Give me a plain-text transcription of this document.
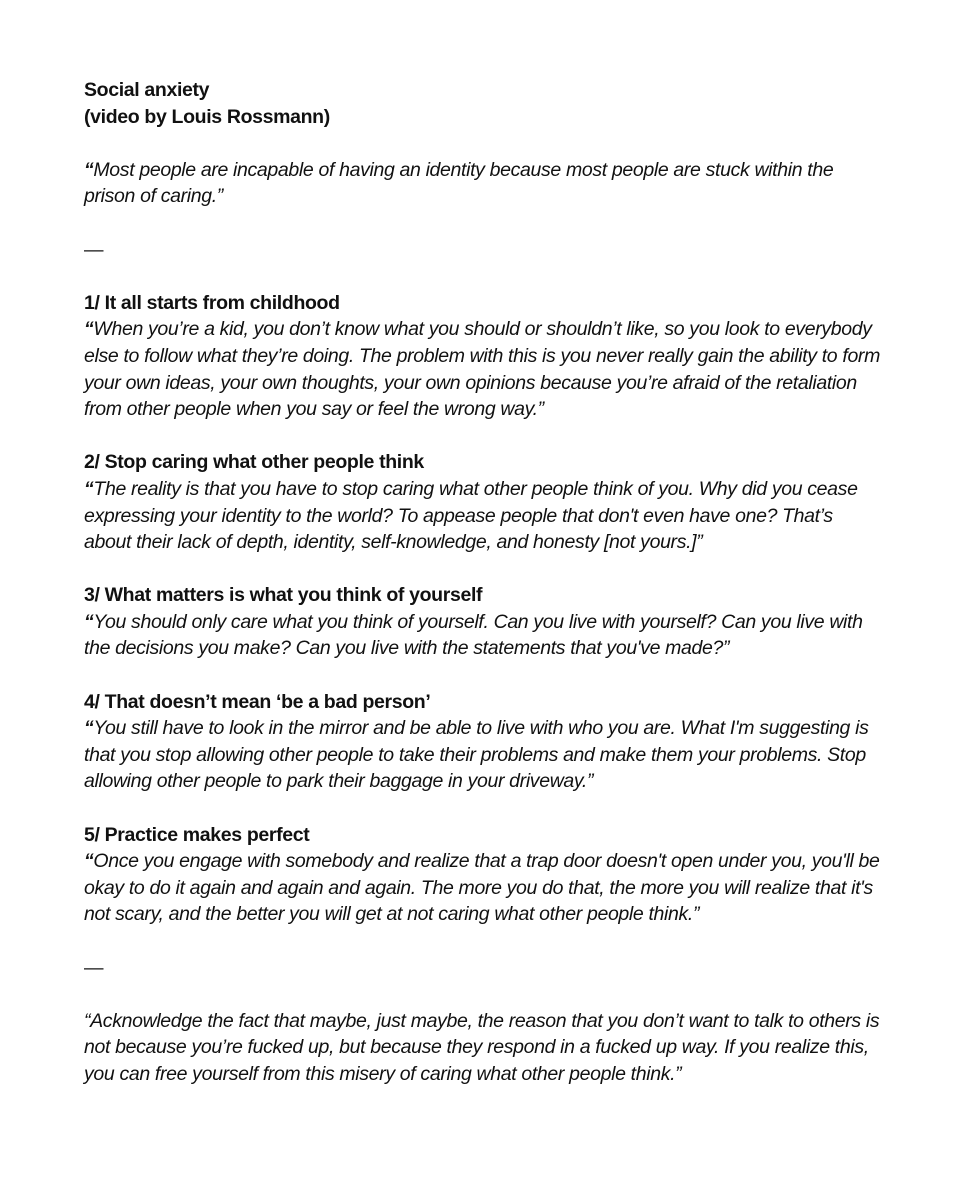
Social anxiety

(video by Louis Rossmann)

“Most people are incapable of having an identity because most people are stuck within the prison of caring.”

—

1/ It all starts from childhood

“When you’re a kid, you don’t know what you should or shouldn’t like, so you look to everybody else to follow what they’re doing. The problem with this is you never really gain the ability to form your own ideas, your own thoughts, your own opinions because you’re afraid of the retaliation from other people when you say or feel the wrong way.”

2/ Stop caring what other people think

“The reality is that you have to stop caring what other people think of you. Why did you cease expressing your identity to the world? To appease people that don't even have one? That’s about their lack of depth, identity, self-knowledge, and honesty [not yours.]”

3/ What matters is what you think of yourself

“You should only care what you think of yourself. Can you live with yourself? Can you live with the decisions you make? Can you live with the statements that you've made?”

4/ That doesn’t mean ‘be a bad person’

“You still have to look in the mirror and be able to live with who you are. What I'm suggesting is that you stop allowing other people to take their problems and make them your problems. Stop allowing other people to park their baggage in your driveway.”

5/ Practice makes perfect

“Once you engage with somebody and realize that a trap door doesn't open under you, you'll be okay to do it again and again and again. The more you do that, the more you will realize that it's not scary, and the better you will get at not caring what other people think.”

—

“Acknowledge the fact that maybe, just maybe, the reason that you don’t want to talk to others is not because you’re fucked up, but because they respond in a fucked up way. If you realize this, you can free yourself from this misery of caring what other people think.”
